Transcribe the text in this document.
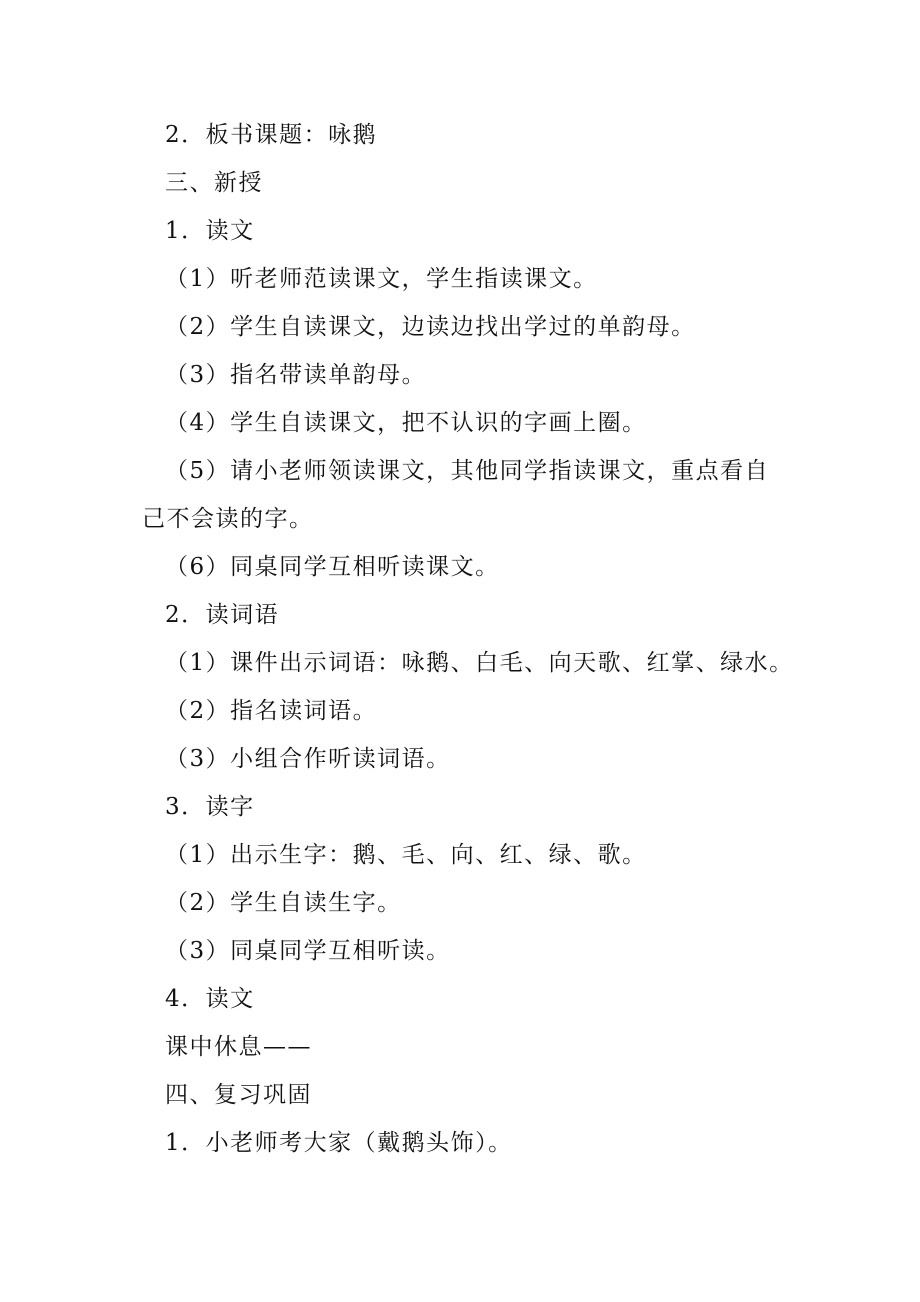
2．板书课题：咏鹅
三、新授
1．读文
（1）听老师范读课文，学生指读课文。
（2）学生自读课文，边读边找出学过的单韵母。
（3）指名带读单韵母。
（4）学生自读课文，把不认识的字画上圈。
（5）请小老师领读课文，其他同学指读课文，重点看自
己不会读的字。
（6）同桌同学互相听读课文。
2．读词语
（1）课件出示词语：咏鹅、白毛、向天歌、红掌、绿水。
（2）指名读词语。
（3）小组合作听读词语。
3．读字
（1）出示生字：鹅、毛、向、红、绿、歌。
（2）学生自读生字。
（3）同桌同学互相听读。
4．读文
课中休息——
四、复习巩固
1．小老师考大家（戴鹅头饰）。
